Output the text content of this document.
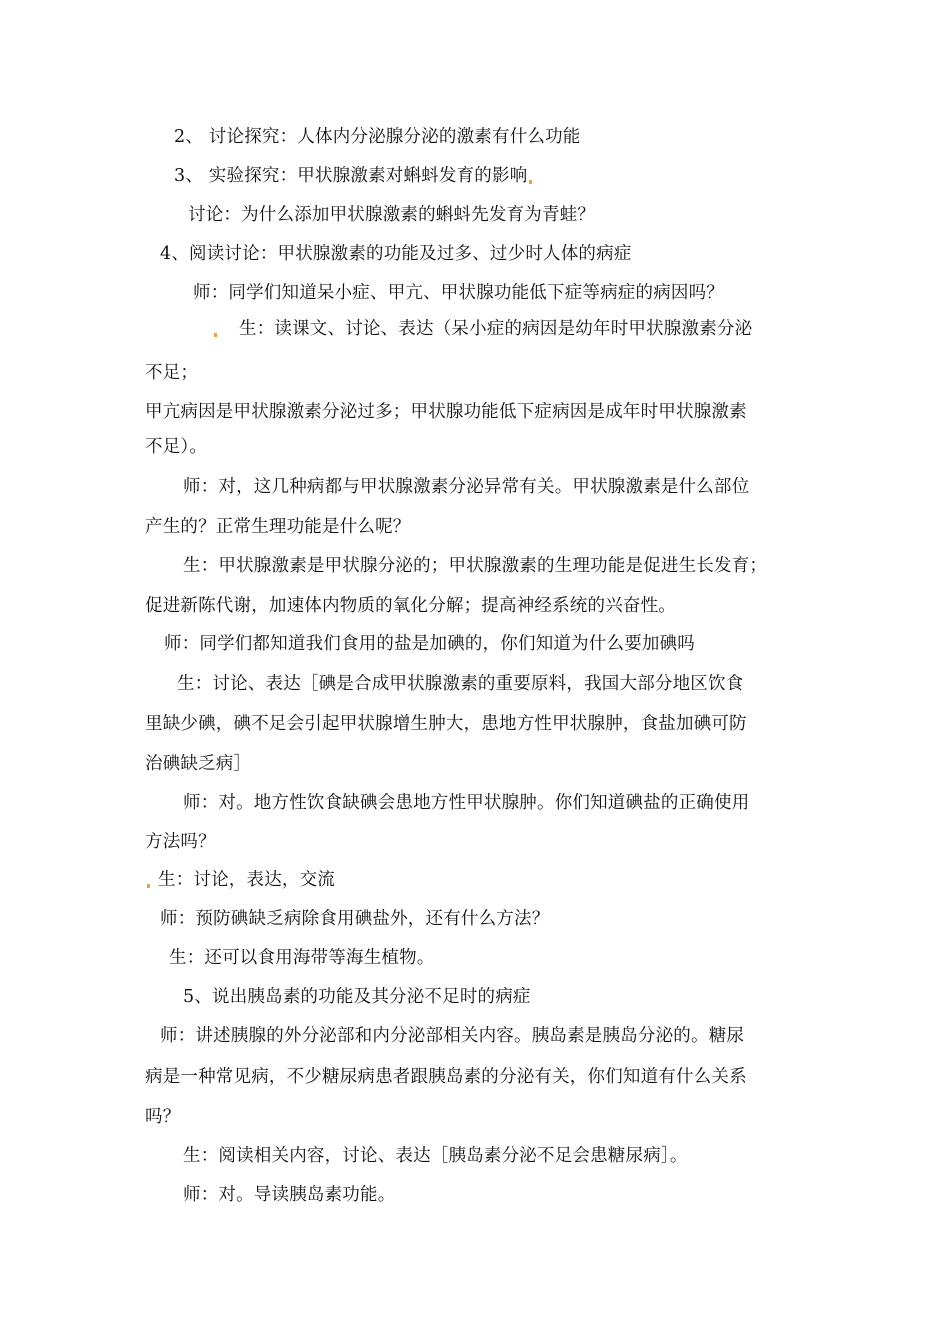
2、 讨论探究：人体内分泌腺分泌的激素有什么功能
3、 实验探究：甲状腺激素对蝌蚪发育的影响
讨论：为什么添加甲状腺激素的蝌蚪先发育为青蛙？
4、阅读讨论：甲状腺激素的功能及过多、过少时人体的病症
师：同学们知道呆小症、甲亢、甲状腺功能低下症等病症的病因吗？
生：读课文、讨论、表达（呆小症的病因是幼年时甲状腺激素分泌
不足；
甲亢病因是甲状腺激素分泌过多；甲状腺功能低下症病因是成年时甲状腺激素
不足）。
师：对，这几种病都与甲状腺激素分泌异常有关。甲状腺激素是什么部位
产生的？正常生理功能是什么呢？
生：甲状腺激素是甲状腺分泌的；甲状腺激素的生理功能是促进生长发育；
促进新陈代谢，加速体内物质的氧化分解；提高神经系统的兴奋性。
师：同学们都知道我们食用的盐是加碘的，你们知道为什么要加碘吗
生：讨论、表达［碘是合成甲状腺激素的重要原料，我国大部分地区饮食
里缺少碘，碘不足会引起甲状腺增生肿大，患地方性甲状腺肿，食盐加碘可防
治碘缺乏病］
师：对。地方性饮食缺碘会患地方性甲状腺肿。你们知道碘盐的正确使用
方法吗？
生：讨论，表达，交流
师：预防碘缺乏病除食用碘盐外，还有什么方法？
生：还可以食用海带等海生植物。
5、说出胰岛素的功能及其分泌不足时的病症
师：讲述胰腺的外分泌部和内分泌部相关内容。胰岛素是胰岛分泌的。糖尿
病是一种常见病，不少糖尿病患者跟胰岛素的分泌有关，你们知道有什么关系
吗？
生：阅读相关内容，讨论、表达［胰岛素分泌不足会患糖尿病］。
师：对。导读胰岛素功能。
